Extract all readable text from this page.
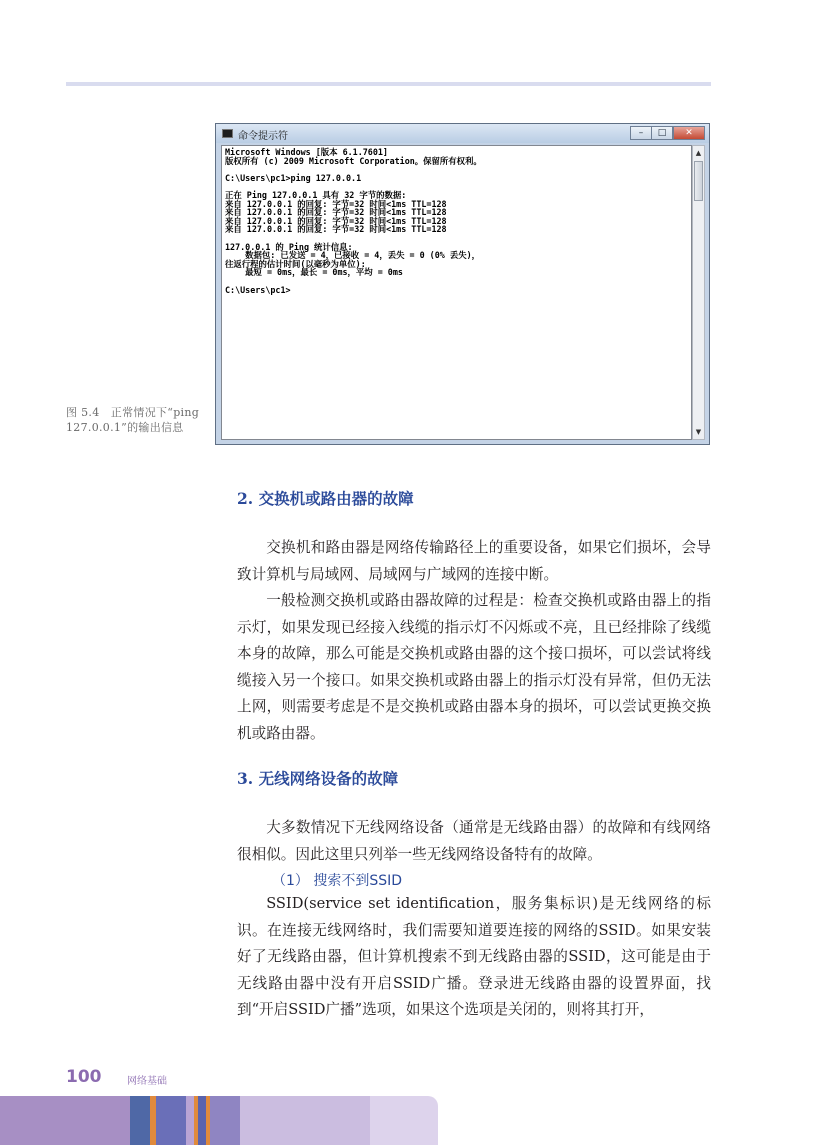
图 5.4　正常情况下“ping 127.0.0.1”的输出信息
命令提示符	–	□	✕
Microsoft Windows [版本 6.1.7601]
版权所有 (c) 2009 Microsoft Corporation。保留所有权利。
C:\Users\pc1>ping 127.0.0.1
正在 Ping 127.0.0.1 具有 32 字节的数据:
来自 127.0.0.1 的回复: 字节=32 时间<1ms TTL=128
来自 127.0.0.1 的回复: 字节=32 时间<1ms TTL=128
来自 127.0.0.1 的回复: 字节=32 时间<1ms TTL=128
来自 127.0.0.1 的回复: 字节=32 时间<1ms TTL=128
127.0.0.1 的 Ping 统计信息:
数据包: 已发送 = 4，已接收 = 4，丢失 = 0 (0% 丢失)，
往返行程的估计时间(以毫秒为单位):
最短 = 0ms，最长 = 0ms，平均 = 0ms
C:\Users\pc1>
▲
▼
2. 交换机或路由器的故障
交换机和路由器是网络传输路径上的重要设备，如果它们损坏，会导致计算机与局域网、局域网与广域网的连接中断。
一般检测交换机或路由器故障的过程是：检查交换机或路由器上的指示灯，如果发现已经接入线缆的指示灯不闪烁或不亮，且已经排除了线缆本身的故障，那么可能是交换机或路由器的这个接口损坏，可以尝试将线缆接入另一个接口。如果交换机或路由器上的指示灯没有异常，但仍无法上网，则需要考虑是不是交换机或路由器本身的损坏，可以尝试更换交换机或路由器。
3. 无线网络设备的故障
大多数情况下无线网络设备（通常是无线路由器）的故障和有线网络很相似。因此这里只列举一些无线网络设备特有的故障。
（1） 搜索不到SSID
SSID(service set identification，服务集标识)是无线网络的标识。在连接无线网络时，我们需要知道要连接的网络的SSID。如果安装好了无线路由器，但计算机搜索不到无线路由器的SSID，这可能是由于无线路由器中没有开启SSID广播。登录进无线路由器的设置界面，找到“开启SSID广播”选项，如果这个选项是关闭的，则将其打开，
100	网络基础
